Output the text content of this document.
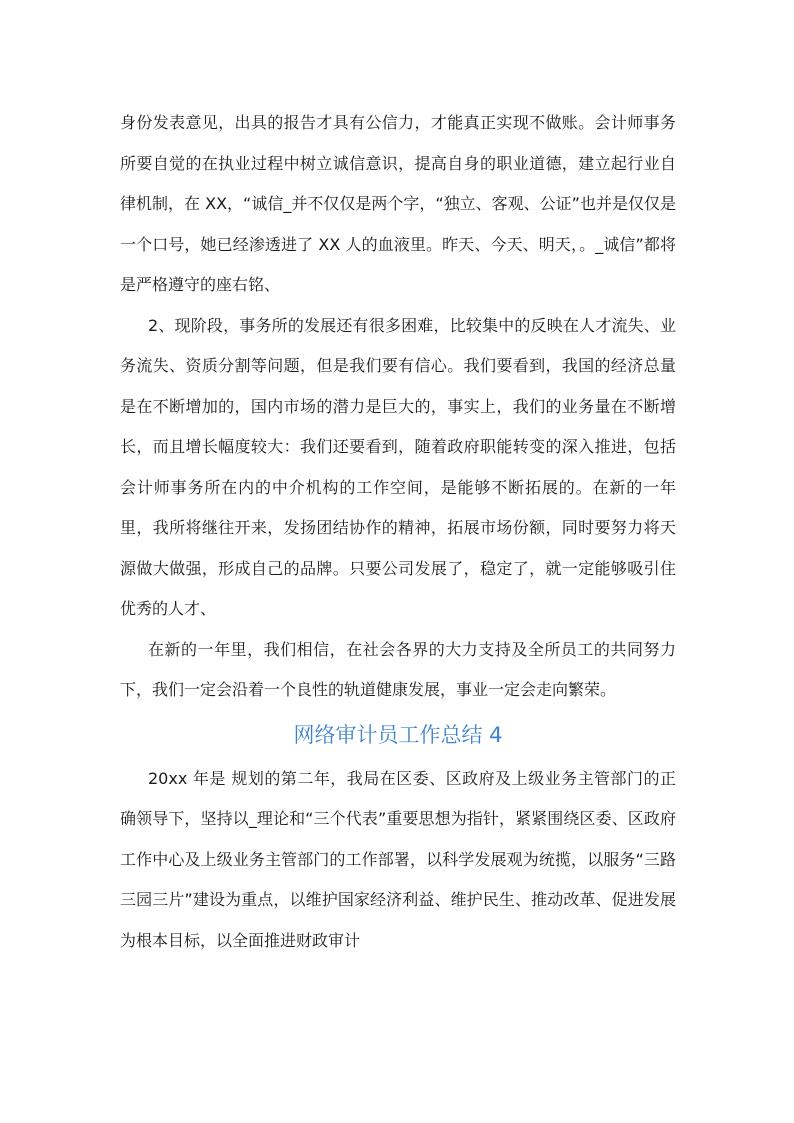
身份发表意见，出具的报告才具有公信力，才能真正实现不做账。会计师事务所要自觉的在执业过程中树立诚信意识，提高自身的职业道德，建立起行业自律机制，在 XX，“诚信_并不仅仅是两个字，“独立、客观、公证”也并是仅仅是一个口号，她已经渗透进了 XX 人的血液里。昨天、今天、明天，。_诚信”都将是严格遵守的座右铭、

2、现阶段，事务所的发展还有很多困难，比较集中的反映在人才流失、业务流失、资质分割等问题，但是我们要有信心。我们要看到，我国的经济总量是在不断增加的，国内市场的潜力是巨大的，事实上，我们的业务量在不断增长，而且增长幅度较大：我们还要看到，随着政府职能转变的深入推进，包括会计师事务所在内的中介机构的工作空间，是能够不断拓展的。在新的一年里，我所将继往开来，发扬团结协作的精神，拓展市场份额，同时要努力将天源做大做强，形成自己的品牌。只要公司发展了，稳定了，就一定能够吸引住优秀的人才、

在新的一年里，我们相信，在社会各界的大力支持及全所员工的共同努力下，我们一定会沿着一个良性的轨道健康发展，事业一定会走向繁荣。

网络审计员工作总结 4

20xx 年是 规划的第二年，我局在区委、区政府及上级业务主管部门的正确领导下，坚持以_理论和“三个代表”重要思想为指针，紧紧围绕区委、区政府工作中心及上级业务主管部门的工作部署，以科学发展观为统揽，以服务“三路三园三片”建设为重点，以维护国家经济利益、维护民生、推动改革、促进发展为根本目标，以全面推进财政审计
